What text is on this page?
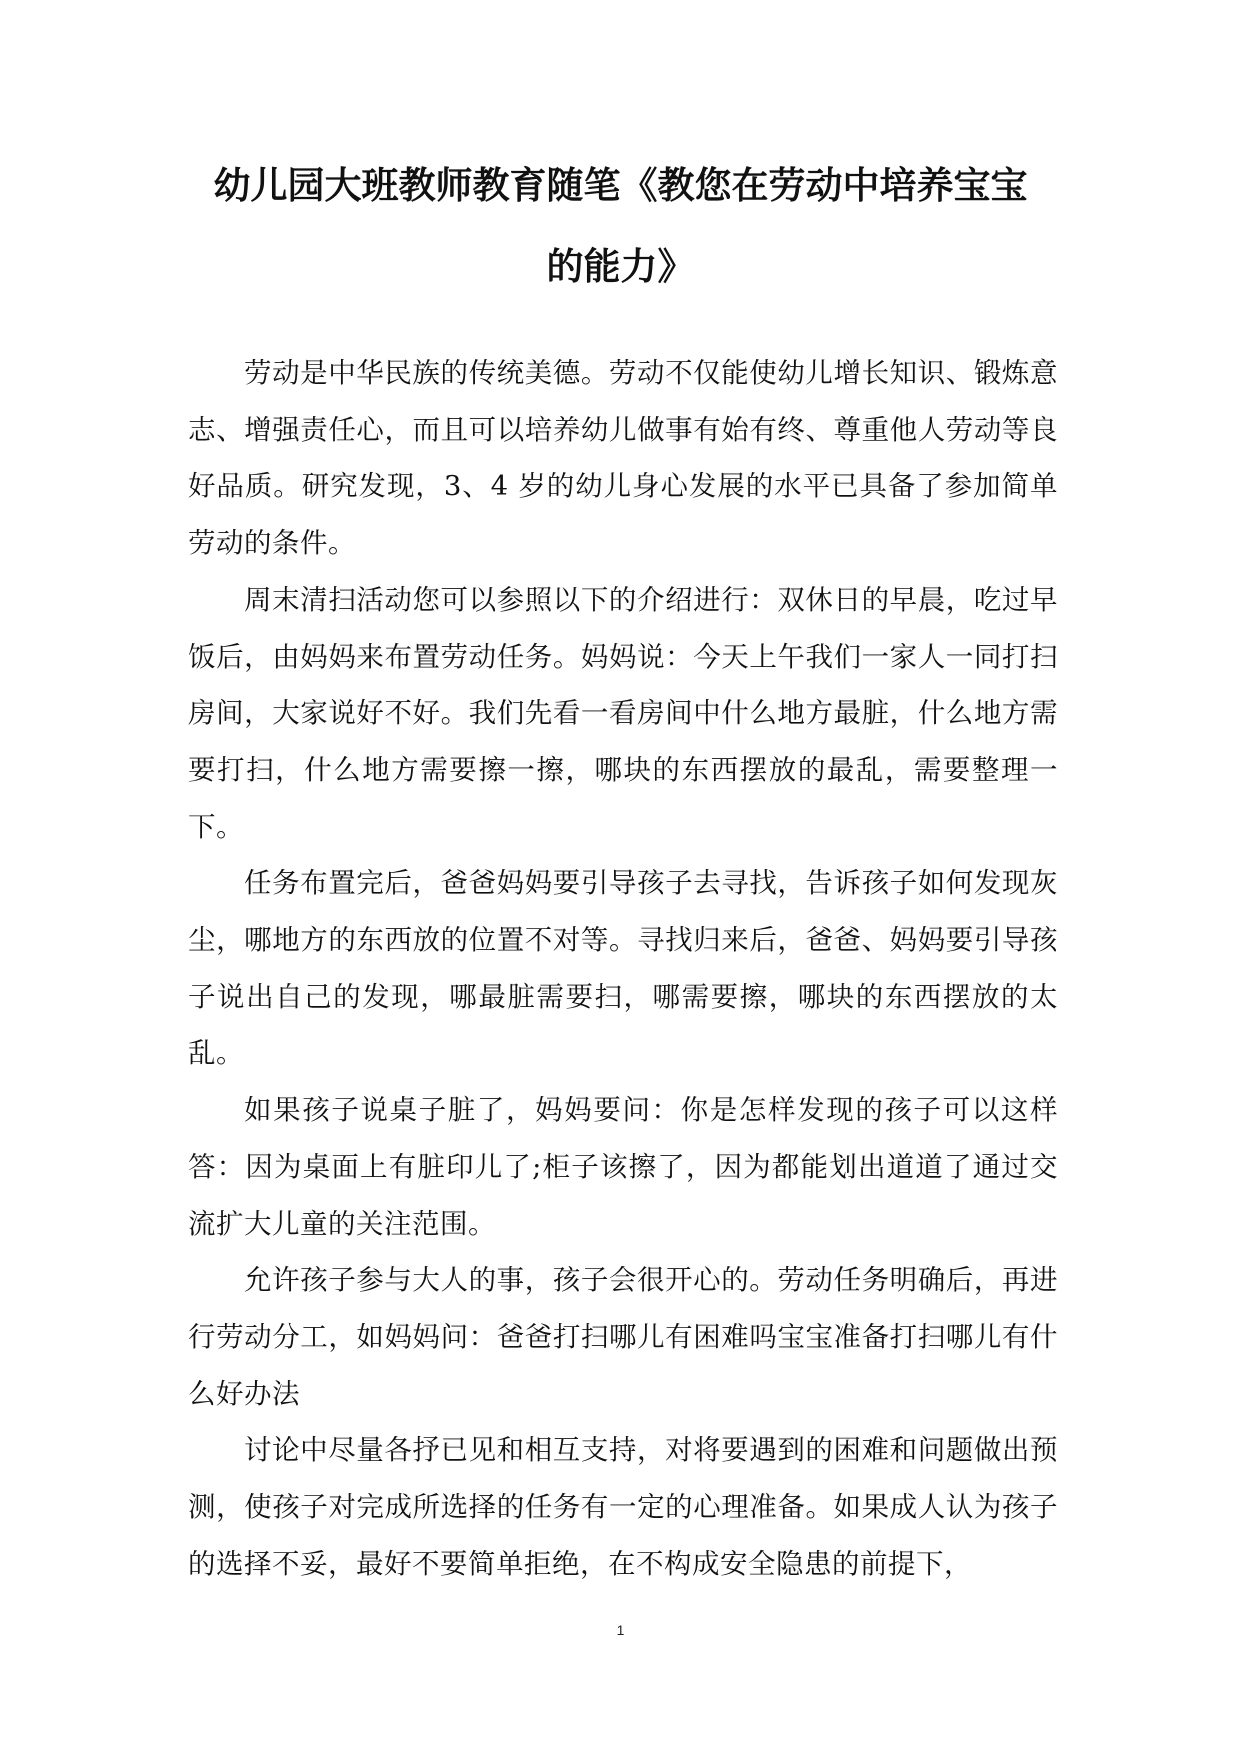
幼儿园大班教师教育随笔《教您在劳动中培养宝宝
的能力》

劳动是中华民族的传统美德。劳动不仅能使幼儿增长知识、锻炼意志、增强责任心，而且可以培养幼儿做事有始有终、尊重他人劳动等良好品质。研究发现，3、4 岁的幼儿身心发展的水平已具备了参加简单劳动的条件。

周末清扫活动您可以参照以下的介绍进行：双休日的早晨，吃过早饭后，由妈妈来布置劳动任务。妈妈说：今天上午我们一家人一同打扫房间，大家说好不好。我们先看一看房间中什么地方最脏，什么地方需要打扫，什么地方需要擦一擦，哪块的东西摆放的最乱，需要整理一下。

任务布置完后，爸爸妈妈要引导孩子去寻找，告诉孩子如何发现灰尘，哪地方的东西放的位置不对等。寻找归来后，爸爸、妈妈要引导孩子说出自己的发现，哪最脏需要扫，哪需要擦，哪块的东西摆放的太乱。

如果孩子说桌子脏了，妈妈要问：你是怎样发现的孩子可以这样答：因为桌面上有脏印儿了;柜子该擦了，因为都能划出道道了通过交流扩大儿童的关注范围。

允许孩子参与大人的事，孩子会很开心的。劳动任务明确后，再进行劳动分工，如妈妈问：爸爸打扫哪儿有困难吗宝宝准备打扫哪儿有什么好办法

讨论中尽量各抒已见和相互支持，对将要遇到的困难和问题做出预测，使孩子对完成所选择的任务有一定的心理准备。如果成人认为孩子的选择不妥，最好不要简单拒绝，在不构成安全隐患的前提下，

1
